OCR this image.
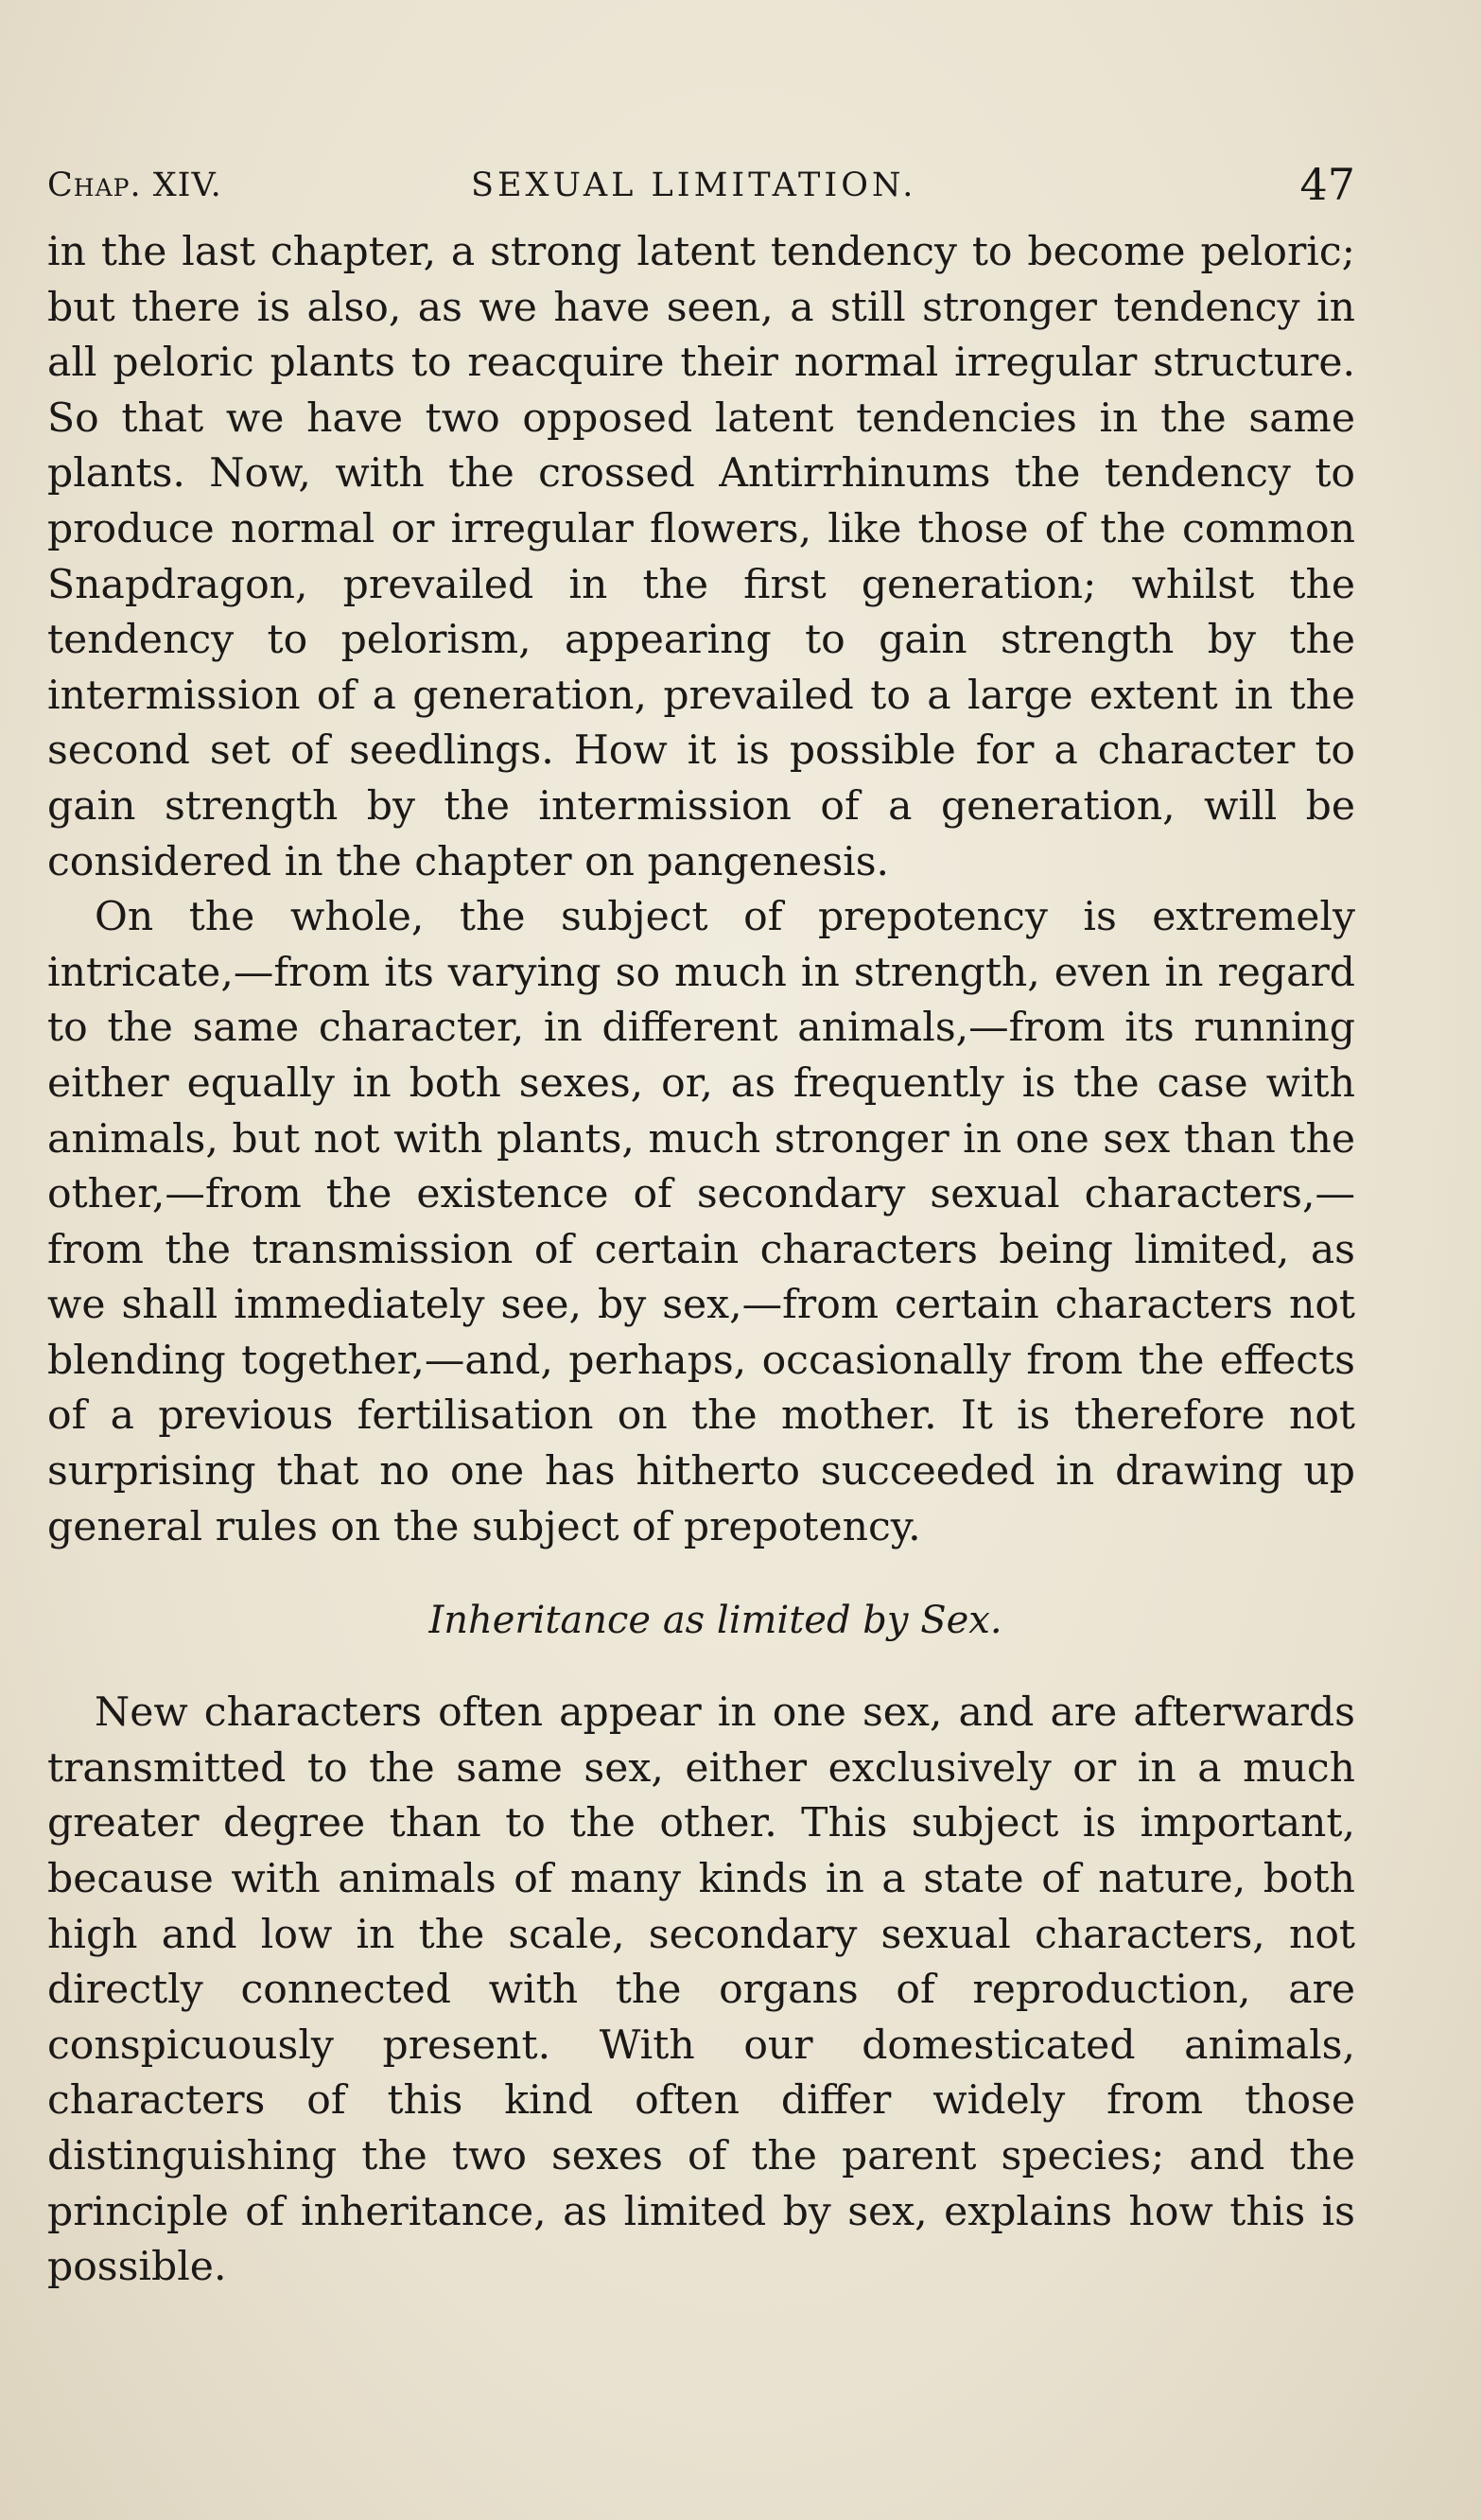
Chap. XIV.	SEXUAL LIMITATION.	47

in the last chapter, a strong latent tendency to become peloric; but there is also, as we have seen, a still stronger tendency in all peloric plants to reacquire their normal irregular structure. So that we have two opposed latent tendencies in the same plants. Now, with the crossed Antirrhinums the tendency to produce normal or irregular flowers, like those of the common Snapdragon, prevailed in the first generation; whilst the tendency to pelorism, appearing to gain strength by the intermission of a generation, prevailed to a large extent in the second set of seedlings. How it is possible for a character to gain strength by the intermission of a generation, will be considered in the chapter on pangenesis.

On the whole, the subject of prepotency is extremely intricate,—from its varying so much in strength, even in regard to the same character, in different animals,—from its running either equally in both sexes, or, as frequently is the case with animals, but not with plants, much stronger in one sex than the other,—from the existence of secondary sexual characters,—from the transmission of certain characters being limited, as we shall immediately see, by sex,—from certain characters not blending together,—and, perhaps, occasionally from the effects of a previous fertilisation on the mother. It is therefore not surprising that no one has hitherto succeeded in drawing up general rules on the subject of prepotency.

Inheritance as limited by Sex.

New characters often appear in one sex, and are afterwards transmitted to the same sex, either exclusively or in a much greater degree than to the other. This subject is important, because with animals of many kinds in a state of nature, both high and low in the scale, secondary sexual characters, not directly connected with the organs of reproduction, are conspicuously present. With our domesticated animals, characters of this kind often differ widely from those distinguishing the two sexes of the parent species; and the principle of inheritance, as limited by sex, explains how this is possible.
